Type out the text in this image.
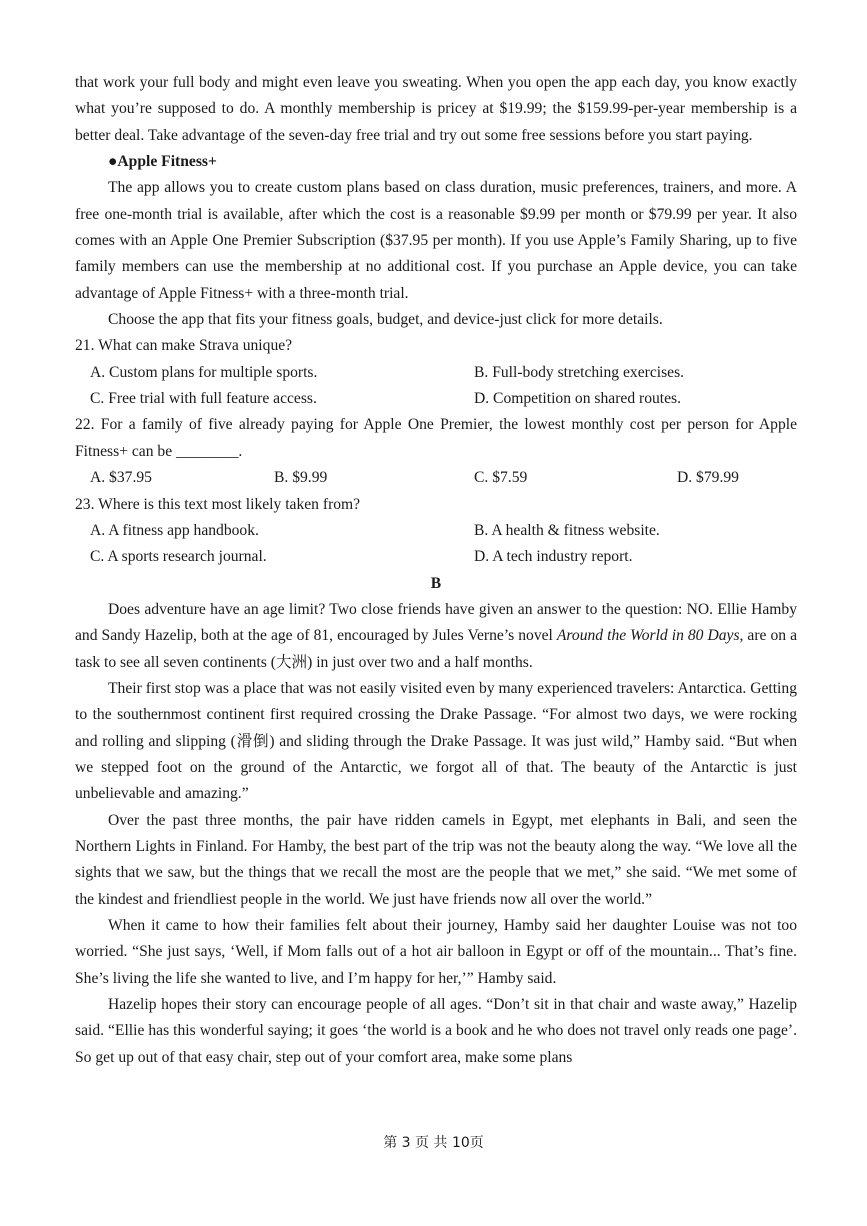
that work your full body and might even leave you sweating. When you open the app each day, you know exactly what you’re supposed to do. A monthly membership is pricey at $19.99; the $159.99-per-year membership is a better deal. Take advantage of the seven-day free trial and try out some free sessions before you start paying.

●Apple Fitness+

The app allows you to create custom plans based on class duration, music preferences, trainers, and more. A free one-month trial is available, after which the cost is a reasonable $9.99 per month or $79.99 per year. It also comes with an Apple One Premier Subscription ($37.95 per month). If you use Apple’s Family Sharing, up to five family members can use the membership at no additional cost. If you purchase an Apple device, you can take advantage of Apple Fitness+ with a three-month trial.

Choose the app that fits your fitness goals, budget, and device-just click for more details.

21. What can make Strava unique?

A. Custom plans for multiple sports.	B. Full-body stretching exercises.
C. Free trial with full feature access.	D. Competition on shared routes.

22. For a family of five already paying for Apple One Premier, the lowest monthly cost per person for Apple Fitness+ can be ________.

A. $37.95	B. $9.99	C. $7.59	D. $79.99

23. Where is this text most likely taken from?

A. A fitness app handbook.	B. A health & fitness website.
C. A sports research journal.	D. A tech industry report.

B

Does adventure have an age limit? Two close friends have given an answer to the question: NO. Ellie Hamby and Sandy Hazelip, both at the age of 81, encouraged by Jules Verne’s novel Around the World in 80 Days, are on a task to see all seven continents (大洲) in just over two and a half months.

Their first stop was a place that was not easily visited even by many experienced travelers: Antarctica. Getting to the southernmost continent first required crossing the Drake Passage. “For almost two days, we were rocking and rolling and slipping (滑倒) and sliding through the Drake Passage. It was just wild,” Hamby said. “But when we stepped foot on the ground of the Antarctic, we forgot all of that. The beauty of the Antarctic is just unbelievable and amazing.”

Over the past three months, the pair have ridden camels in Egypt, met elephants in Bali, and seen the Northern Lights in Finland. For Hamby, the best part of the trip was not the beauty along the way. “We love all the sights that we saw, but the things that we recall the most are the people that we met,” she said. “We met some of the kindest and friendliest people in the world. We just have friends now all over the world.”

When it came to how their families felt about their journey, Hamby said her daughter Louise was not too worried. “She just says, ‘Well, if Mom falls out of a hot air balloon in Egypt or off of the mountain... That’s fine. She’s living the life she wanted to live, and I’m happy for her,’” Hamby said.

Hazelip hopes their story can encourage people of all ages. “Don’t sit in that chair and waste away,” Hazelip said. “Ellie has this wonderful saying; it goes ‘the world is a book and he who does not travel only reads one page’. So get up out of that easy chair, step out of your comfort area, make some plans

第 3 页 共 10页
